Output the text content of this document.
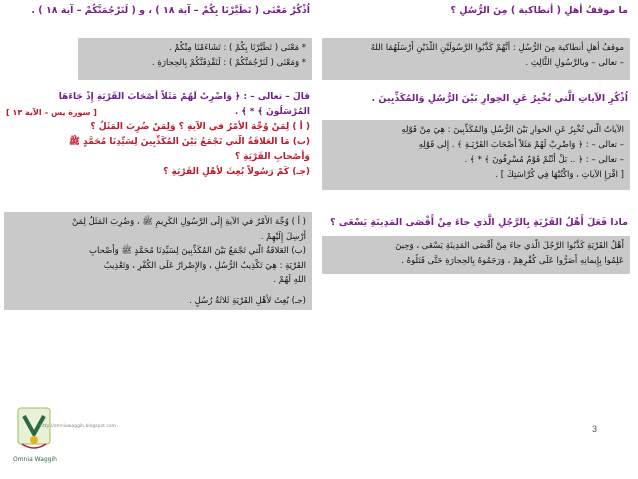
ما موقفُ أهلِ ( أنطاكية ) مِنَ الرُّسُلِ ؟
موقفُ أهلِ أنطاكية مِنَ الرُّسُلِ : أنَّهُمْ كَذَّبُوا الرَّسُولَيْنِ اللَّذَيْنِ أَرْسَلَهُمَا اللهُ
– تعالى – وبالرَّسُولِ الثَّالِثِ .
اُذْكُرِ الآياتِ الَّتي تُخْبِرُ عَنِ الحِوارِ بَيْنَ الرُّسُلِ وَالمُكَذِّبِينَ .
الآياتُ الَّتي تُخْبِرُ عَنِ الحوارِ بَيْنَ الرُّسُلِ وَالمُكَذِّبِينَ : هِيَ مِنْ قَوْلِهِ
– تعالى – : ﴿ وَاضْرِبْ لَهُمْ مَثَلاً أَصْحَابَ القَرْيَـةِ ﴾ . إِلى قَوْلِهِ
– تعالى – : ﴿ .. بَلْ أَنْتُمْ قَوْمٌ مُسْرِفُونَ ﴾ * ﴾ .
[ اقْرَإِ الآياتِ ، وَاكْتُبْهَا فِي كُرَّاسَتِكَ ] .
ماذا فَعَلَ أَهْلُ القَرْيَةِ بِالرَّجُلِ الَّذي جاءَ مِنْ أَقْصَى المَدِينَةِ يَسْعَى ؟
أَهْلُ القَرْيَةِ كَذَّبُوا الرَّجُلَ الَّذي جاءَ مِنْ أَقْصَى المَدِينَةِ يَسْعَى ، وَحِينَ
عَلِمُوا بِإِيمانِهِ أَصَرُّوا عَلَى كُفْرِهِمْ ، وَرَجَمُوهُ بِالحِجارَةِ حَتَّى قَتَلُوهُ .
اُذْكُرْ مَعْنَى ( تَطَيَّرْنَا بِكُمْ – آية ١٨ ) ، و ( لَنَرْجُمَنَّكُمْ – آية ١٨ ) .
* مَعْنَى ( تَطَيَّرْنَا بِكُمْ ) : تَشَاءَمْنَا مِنْكُمْ .
* وَمَعْنَى ( لَنَرْجُمَنَّكُمْ ) : لَنَقْذِفَنَّكُمْ بِالحِجارَةِ .
قالَ – تعالى – : ﴿ وَاضْرِبْ لَهُمْ مَثَلاً أَصْحَابَ القَرْيَةِ إِذْ جَاءَهَا
المُرْسَلُونَ ﴾ * ﴾ .
[ سورة يس – الآية ١٣ ]
( أ ) لِمَنْ وُجِّهَ الأَمْرُ في الآيةِ ؟ وَلِمَنْ ضُرِبَ المَثَلُ ؟
(ب) مَا العَلاقَةُ الَّتي تَجْمَعُ بَيْنَ المُكَذِّبِينَ لِسَيِّدِنَا مُحَمَّدٍ ﷺ
وَأَصْحابِ القَرْيَةِ ؟
(جـ) كَمْ رَسُولاً بُعِثَ لأَهْلِ القَرْيَةِ ؟
( أ ) وُجِّهَ الأَمْرُ في الآيةِ إِلَى الرَّسُولِ الكَرِيمِ ﷺ ، وَضُرِبَ المَثَلُ لِمَنْ
أُرْسِلَ إِلَيْهِمْ .
(ب) العَلاقَةُ الَّتي تَجْمَعُ بَيْنَ المُكَذِّبِينَ لِسَيِّدِنَا مُحَمَّدٍ ﷺ وَأَصْحابِ
القَرْيَةِ : هِيَ تَكْذِيبُ الرُّسُلِ ، وَالإِصْرارُ عَلَى الكُفْرِ ، وَتَعْذِيبُ
اللهِ لَهُمْ .
(جـ) بُعِثَ لأَهْلِ القَرْيَةِ ثَلاثَةُ رُسُلٍ .
http://omniawaggih.blogspot.com
Omnia Waggih
3
